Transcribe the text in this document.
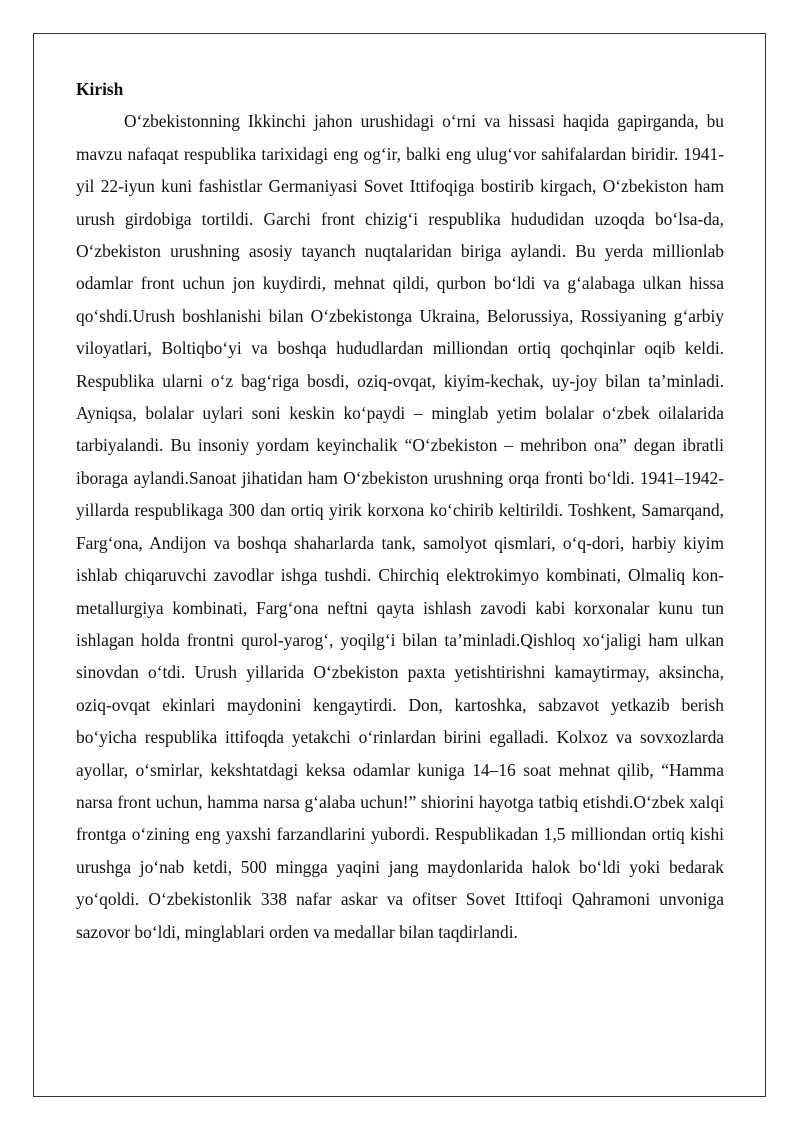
Kirish

O‘zbekistonning Ikkinchi jahon urushidagi o‘rni va hissasi haqida gapirganda, bu mavzu nafaqat respublika tarixidagi eng og‘ir, balki eng ulug‘vor sahifalardan biridir. 1941-yil 22-iyun kuni fashistlar Germaniyasi Sovet Ittifoqiga bostirib kirgach, O‘zbekiston ham urush girdobiga tortildi. Garchi front chizig‘i respublika hududidan uzoqda bo‘lsa-da, O‘zbekiston urushning asosiy tayanch nuqtalaridan biriga aylandi. Bu yerda millionlab odamlar front uchun jon kuydirdi, mehnat qildi, qurbon bo‘ldi va g‘alabaga ulkan hissa qo‘shdi.Urush boshlanishi bilan O‘zbekistonga Ukraina, Belorussiya, Rossiyaning g‘arbiy viloyatlari, Boltiqbo‘yi va boshqa hududlardan milliondan ortiq qochqinlar oqib keldi. Respublika ularni o‘z bag‘riga bosdi, oziq-ovqat, kiyim-kechak, uy-joy bilan ta’minladi. Ayniqsa, bolalar uylari soni keskin ko‘paydi – minglab yetim bolalar o‘zbek oilalarida tarbiyalandi. Bu insoniy yordam keyinchalik “O‘zbekiston – mehribon ona” degan ibratli iboraga aylandi.Sanoat jihatidan ham O‘zbekiston urushning orqa fronti bo‘ldi. 1941–1942-yillarda respublikaga 300 dan ortiq yirik korxona ko‘chirib keltirildi. Toshkent, Samarqand, Farg‘ona, Andijon va boshqa shaharlarda tank, samolyot qismlari, o‘q-dori, harbiy kiyim ishlab chiqaruvchi zavodlar ishga tushdi. Chirchiq elektrokimyo kombinati, Olmaliq kon-metallurgiya kombinati, Farg‘ona neftni qayta ishlash zavodi kabi korxonalar kunu tun ishlagan holda frontni qurol-yarog‘, yoqilg‘i bilan ta’minladi.Qishloq xo‘jaligi ham ulkan sinovdan o‘tdi. Urush yillarida O‘zbekiston paxta yetishtirishni kamaytirmay, aksincha, oziq-ovqat ekinlari maydonini kengaytirdi. Don, kartoshka, sabzavot yetkazib berish bo‘yicha respublika ittifoqda yetakchi o‘rinlardan birini egalladi. Kolxoz va sovxozlarda ayollar, o‘smirlar, kekshtatdagi keksa odamlar kuniga 14–16 soat mehnat qilib, “Hamma narsa front uchun, hamma narsa g‘alaba uchun!” shiorini hayotga tatbiq etishdi.O‘zbek xalqi frontga o‘zining eng yaxshi farzandlarini yubordi. Respublikadan 1,5 milliondan ortiq kishi urushga jo‘nab ketdi, 500 mingga yaqini jang maydonlarida halok bo‘ldi yoki bedarak yo‘qoldi. O‘zbekistonlik 338 nafar askar va ofitser Sovet Ittifoqi Qahramoni unvoniga sazovor bo‘ldi, minglablari orden va medallar bilan taqdirlandi.
